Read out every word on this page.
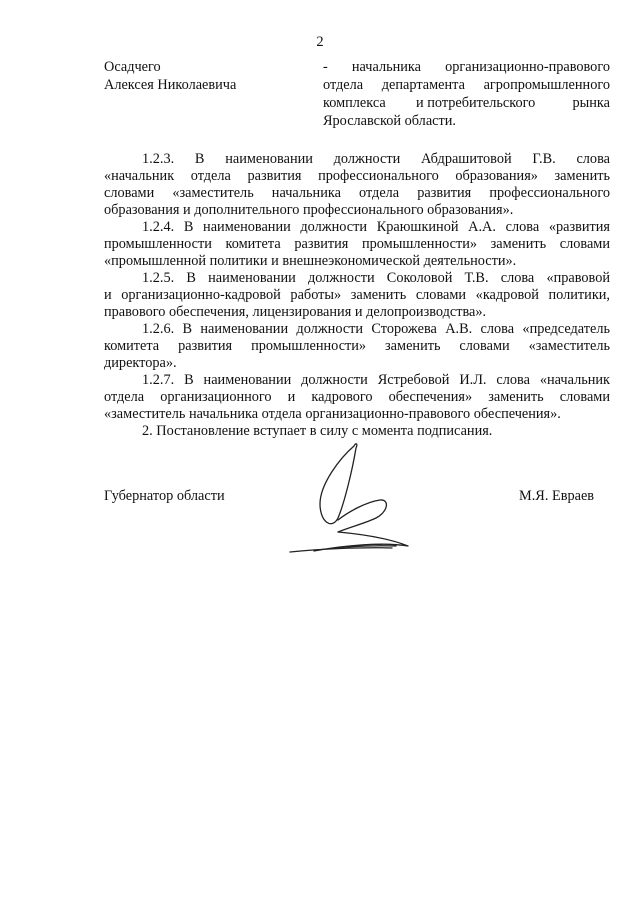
2
Осадчего
Алексея Николаевича
- начальника организационно-правового
отдела департамента агропромышленного
комплекса и потребительского	рынка
Ярославской области.
1.2.3. В наименовании должности Абдрашитовой Г.В. слова
«начальник отдела развития профессионального образования» заменить
словами «заместитель начальника отдела развития профессионального
образования и дополнительного профессионального образования».
1.2.4. В наименовании должности Краюшкиной А.А. слова «развития
промышленности комитета развития промышленности» заменить словами
«промышленной политики и внешнеэкономической деятельности».
1.2.5. В наименовании должности Соколовой Т.В. слова «правовой
и организационно-кадровой работы» заменить словами «кадровой политики,
правового обеспечения, лицензирования и делопроизводства».
1.2.6. В наименовании должности Сторожева А.В. слова «председатель
комитета развития промышленности» заменить словами «заместитель
директора».
1.2.7. В наименовании должности Ястребовой И.Л. слова «начальник
отдела организационного и кадрового обеспечения» заменить словами
«заместитель начальника отдела организационно-правового обеспечения».
2. Постановление вступает в силу с момента подписания.
Губернатор области	М.Я. Евраев
